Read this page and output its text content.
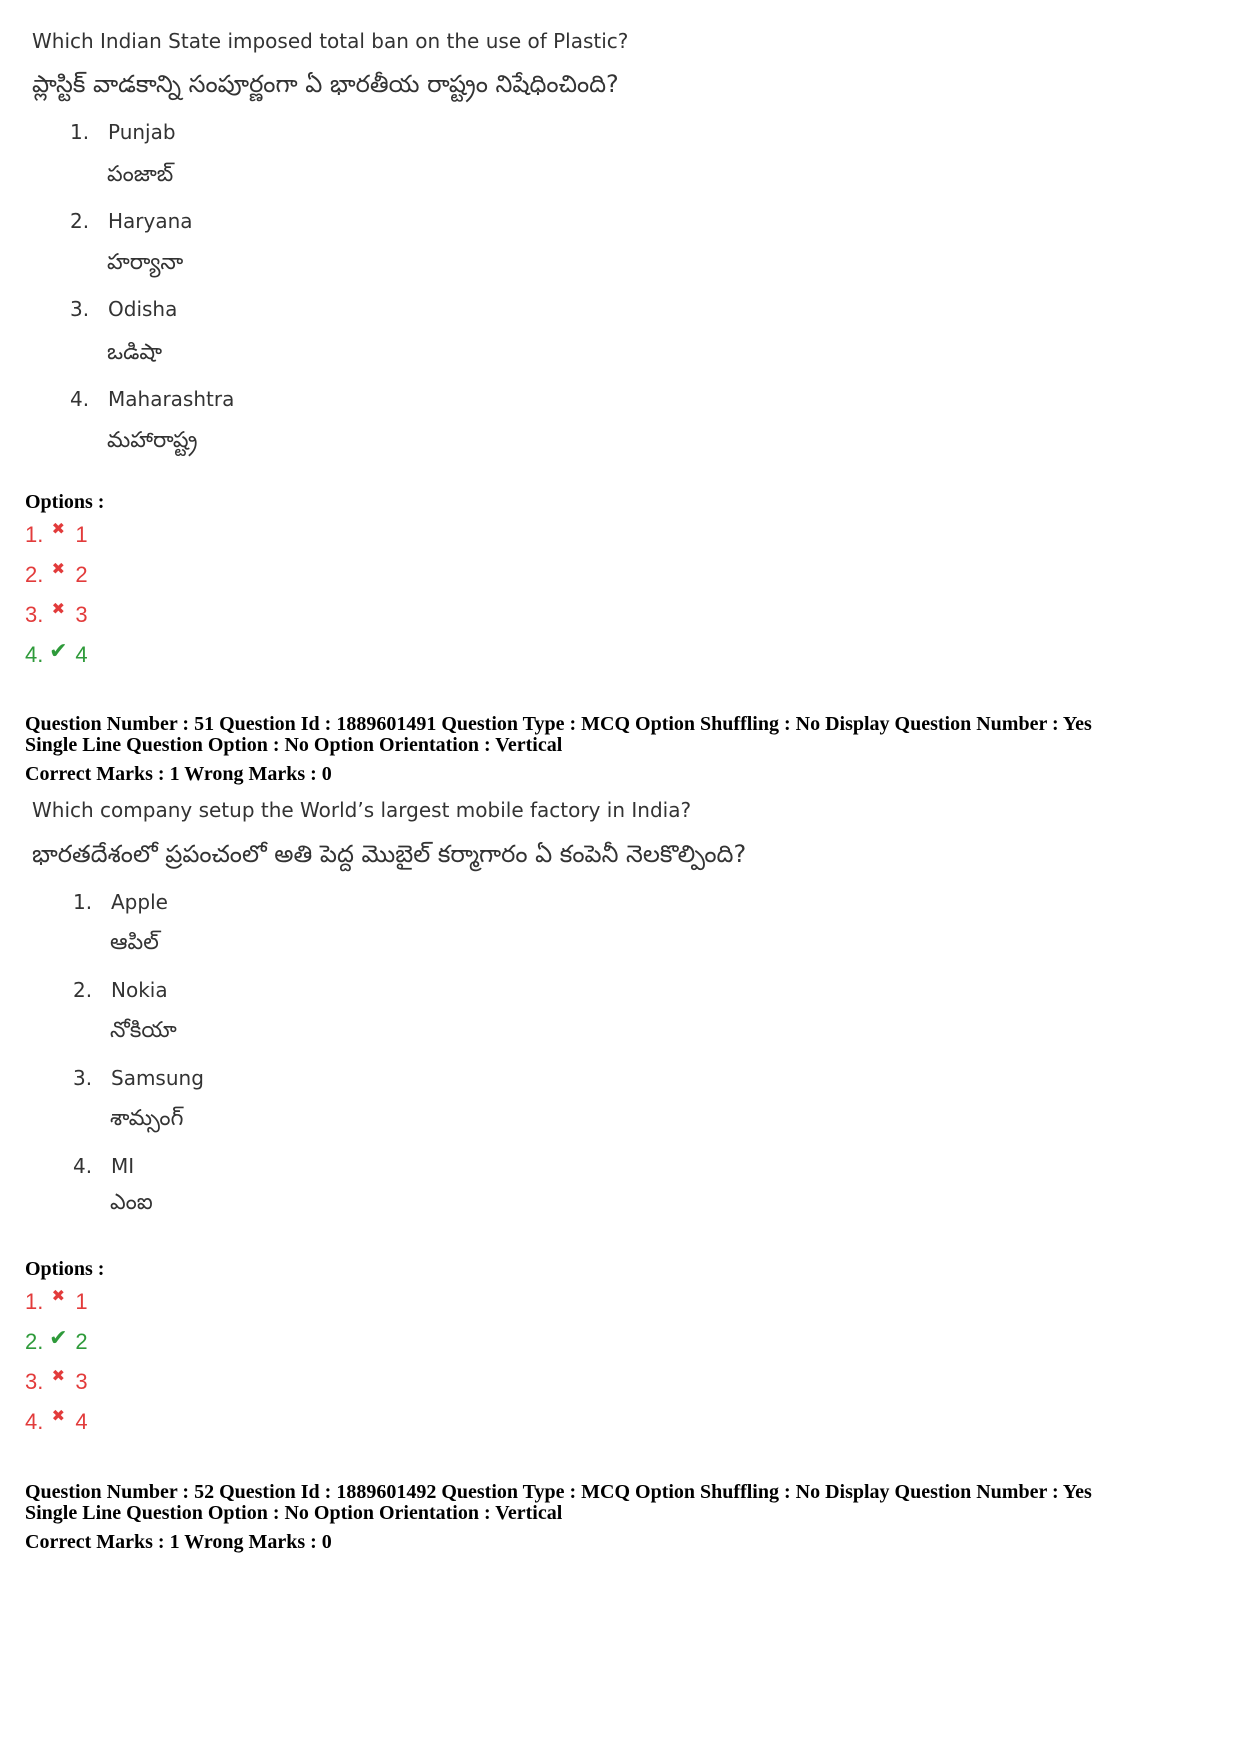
Which Indian State imposed total ban on the use of Plastic?
ప్లాస్టిక్ వాడకాన్ని సంపూర్ణంగా ఏ భారతీయ రాష్ట్రం నిషేధించింది?
1. Punjab
పంజాబ్
2. Haryana
హర్యానా
3. Odisha
ఒడిషా
4. Maharashtra
మహారాష్ట్ర
Options :
1. ✖ 1
2. ✖ 2
3. ✖ 3
4. ✔ 4
Question Number : 51 Question Id : 1889601491 Question Type : MCQ Option Shuffling : No Display Question Number : Yes
Single Line Question Option : No Option Orientation : Vertical
Correct Marks : 1 Wrong Marks : 0
Which company setup the World’s largest mobile factory in India?
భారతదేశంలో ప్రపంచంలో అతి పెద్ద మొబైల్ కర్మాగారం ఏ కంపెనీ నెలకొల్పింది?
1. Apple
ఆపిల్
2. Nokia
నోకియా
3. Samsung
శామ్సంగ్
4. MI
ఎంఐ
Options :
1. ✖ 1
2. ✔ 2
3. ✖ 3
4. ✖ 4
Question Number : 52 Question Id : 1889601492 Question Type : MCQ Option Shuffling : No Display Question Number : Yes
Single Line Question Option : No Option Orientation : Vertical
Correct Marks : 1 Wrong Marks : 0
